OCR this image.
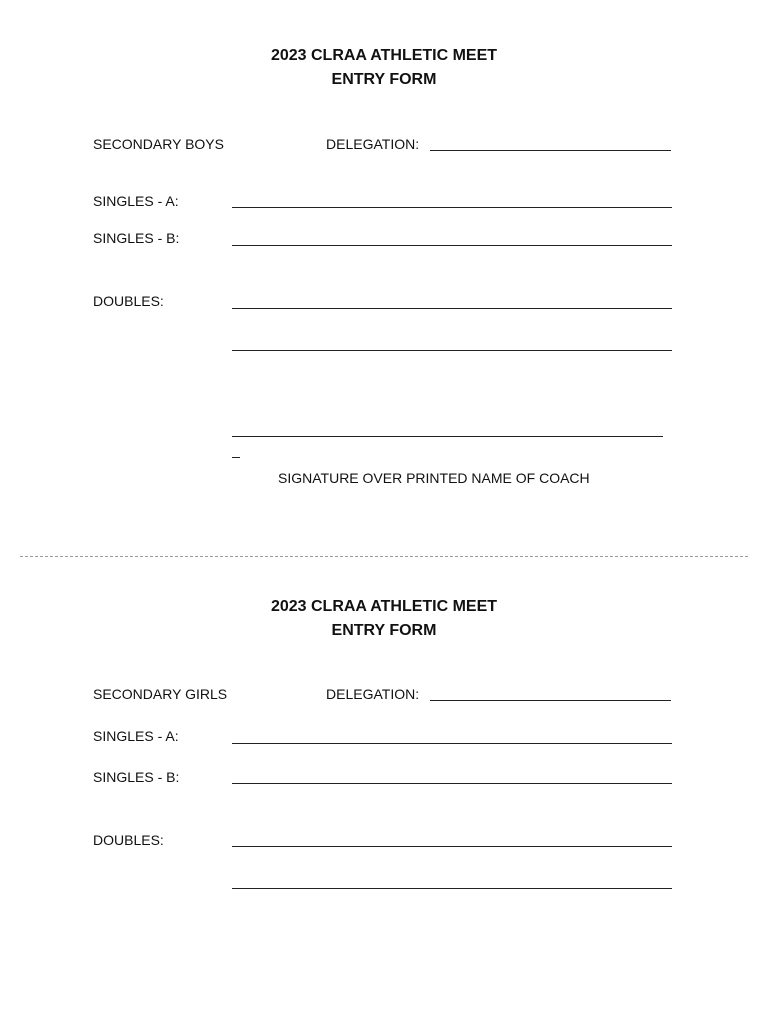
2023 CLRAA ATHLETIC MEET
ENTRY FORM
SECONDARY BOYS	DELEGATION:
SINGLES - A:
SINGLES - B:
DOUBLES:
SIGNATURE OVER PRINTED NAME OF COACH
2023 CLRAA ATHLETIC MEET
ENTRY FORM
SECONDARY GIRLS	DELEGATION:
SINGLES - A:
SINGLES - B:
DOUBLES:
